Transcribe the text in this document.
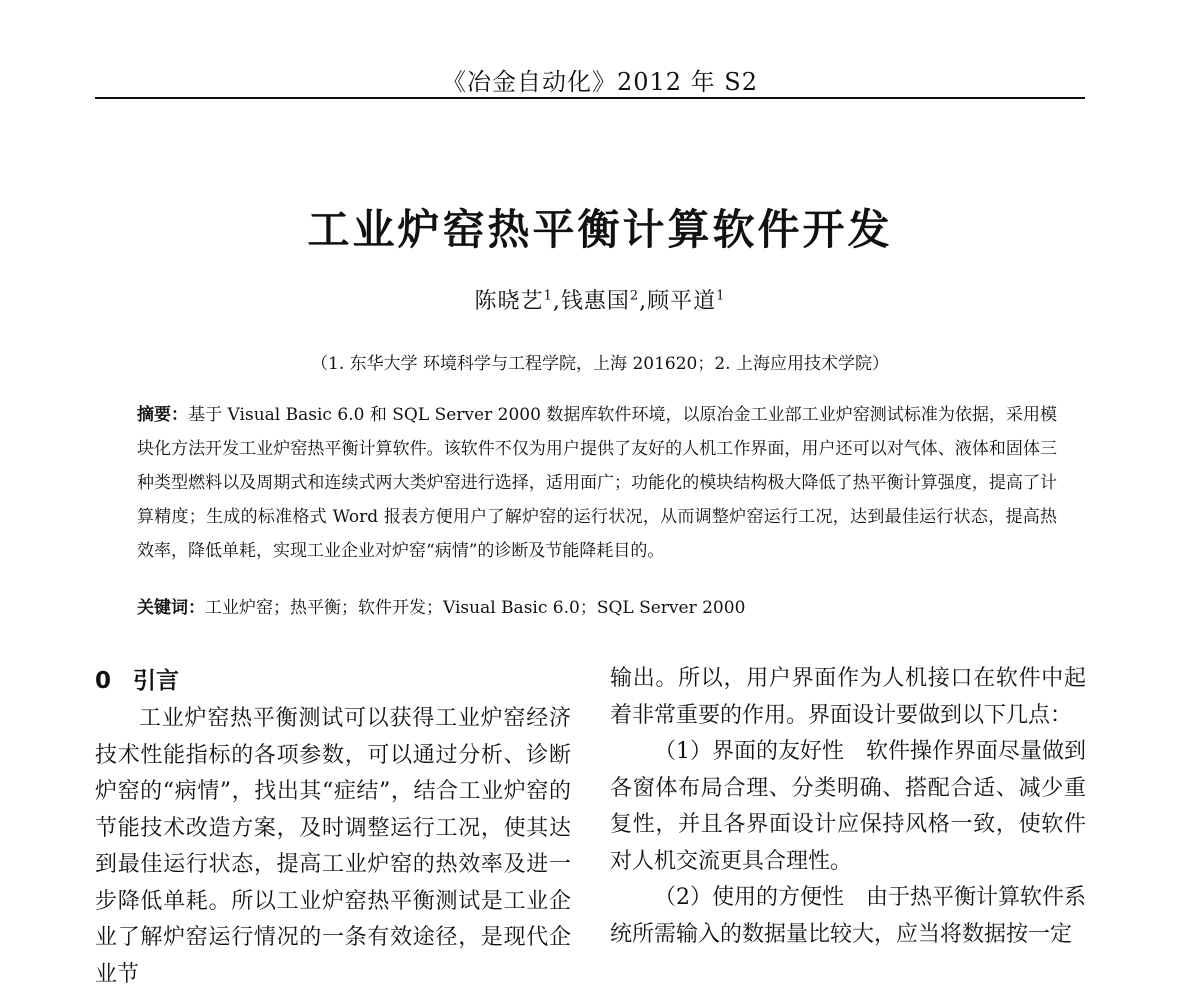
《冶金自动化》2012 年 S2
工业炉窑热平衡计算软件开发
陈晓艺$^1$,钱惠国$^2$,顾平道$^1$
（1. 东华大学 环境科学与工程学院，上海 201620；2. 上海应用技术学院）
摘要：基于 Visual Basic 6.0 和 SQL Server 2000 数据库软件环境，以原冶金工业部工业炉窑测试标准为依据，采用模块化方法开发工业炉窑热平衡计算软件。该软件不仅为用户提供了友好的人机工作界面，用户还可以对气体、液体和固体三种类型燃料以及周期式和连续式两大类炉窑进行选择，适用面广；功能化的模块结构极大降低了热平衡计算强度，提高了计算精度；生成的标准格式 Word 报表方便用户了解炉窑的运行状况，从而调整炉窑运行工况，达到最佳运行状态，提高热效率，降低单耗，实现工业企业对炉窑“病情”的诊断及节能降耗目的。
关键词：工业炉窑；热平衡；软件开发；Visual Basic 6.0；SQL Server 2000
0 引言

工业炉窑热平衡测试可以获得工业炉窑经济技术性能指标的各项参数，可以通过分析、诊断炉窑的“病情”，找出其“症结”，结合工业炉窑的节能技术改造方案，及时调整运行工况，使其达到最佳运行状态，提高工业炉窑的热效率及进一步降低单耗。所以工业炉窑热平衡测试是工业企业了解炉窑运行情况的一条有效途径，是现代企业节

输出。所以，用户界面作为人机接口在软件中起着非常重要的作用。界面设计要做到以下几点：

（1）界面的友好性　软件操作界面尽量做到各窗体布局合理、分类明确、搭配合适、减少重复性，并且各界面设计应保持风格一致，使软件对人机交流更具合理性。

（2）使用的方便性　由于热平衡计算软件系统所需输入的数据量比较大，应当将数据按一定
